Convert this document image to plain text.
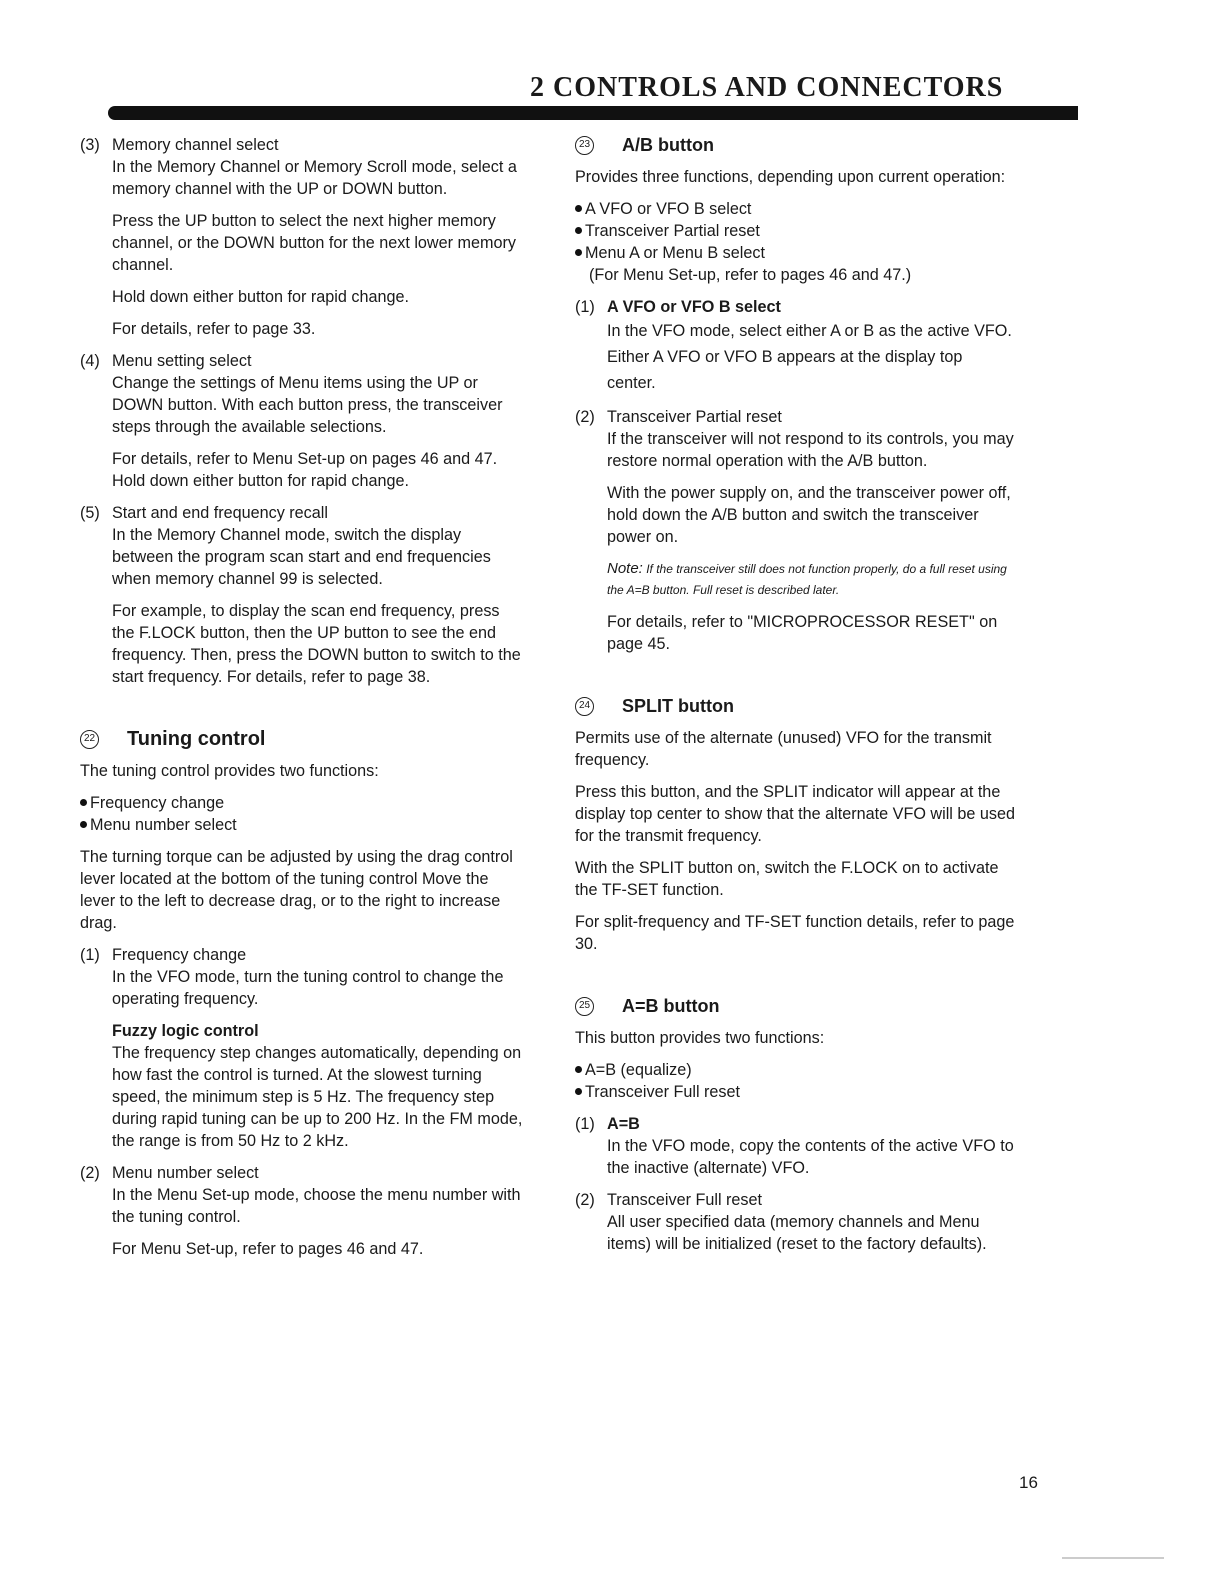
2 CONTROLS AND CONNECTORS
(3) Memory channel select

In the Memory Channel or Memory Scroll mode, select a memory channel with the UP or DOWN button.

Press the UP button to select the next higher memory channel, or the DOWN button for the next lower memory channel.

Hold down either button for rapid change.

For details, refer to page 33.

(4) Menu setting select

Change the settings of Menu items using the UP or DOWN button. With each button press, the transceiver steps through the available selections.

For details, refer to Menu Set-up on pages 46 and 47.

Hold down either button for rapid change.

(5) Start and end frequency recall

In the Memory Channel mode, switch the display between the program scan start and end frequencies when memory channel 99 is selected.

For example, to display the scan end frequency, press the F.LOCK button, then the UP button to see the end frequency. Then, press the DOWN button to switch to the start frequency. For details, refer to page 38.

22 Tuning control

The tuning control provides two functions:

Frequency change
Menu number select

The turning torque can be adjusted by using the drag control lever located at the bottom of the tuning control Move the lever to the left to decrease drag, or to the right to increase drag.

(1) Frequency change

In the VFO mode, turn the tuning control to change the operating frequency.

Fuzzy logic control

The frequency step changes automatically, depending on how fast the control is turned. At the slowest turning speed, the minimum step is 5 Hz. The frequency step during rapid tuning can be up to 200 Hz. In the FM mode, the range is from 50 Hz to 2 kHz.

(2) Menu number select

In the Menu Set-up mode, choose the menu number with the tuning control.

For Menu Set-up, refer to pages 46 and 47.

23 A/B button

Provides three functions, depending upon current operation:

A VFO or VFO B select
Transceiver Partial reset
Menu A or Menu B select
(For Menu Set-up, refer to pages 46 and 47.)
(1) A VFO or VFO B select

In the VFO mode, select either A or B as the active VFO. Either A VFO or VFO B appears at the display top center.

(2) Transceiver Partial reset

If the transceiver will not respond to its controls, you may restore normal operation with the A/B button.

With the power supply on, and the transceiver power off, hold down the A/B button and switch the transceiver power on.

Note: If the transceiver still does not function properly, do a full reset using the A=B button. Full reset is described later.

For details, refer to "MICROPROCESSOR RESET" on page 45.

24 SPLIT button

Permits use of the alternate (unused) VFO for the transmit frequency.

Press this button, and the SPLIT indicator will appear at the display top center to show that the alternate VFO will be used for the transmit frequency.

With the SPLIT button on, switch the F.LOCK on to activate the TF-SET function.

For split-frequency and TF-SET function details, refer to page 30.

25 A=B button

This button provides two functions:

A=B (equalize)
Transceiver Full reset
(1) A=B

In the VFO mode, copy the contents of the active VFO to the inactive (alternate) VFO.

(2) Transceiver Full reset

All user specified data (memory channels and Menu items) will be initialized (reset to the factory defaults).

16
